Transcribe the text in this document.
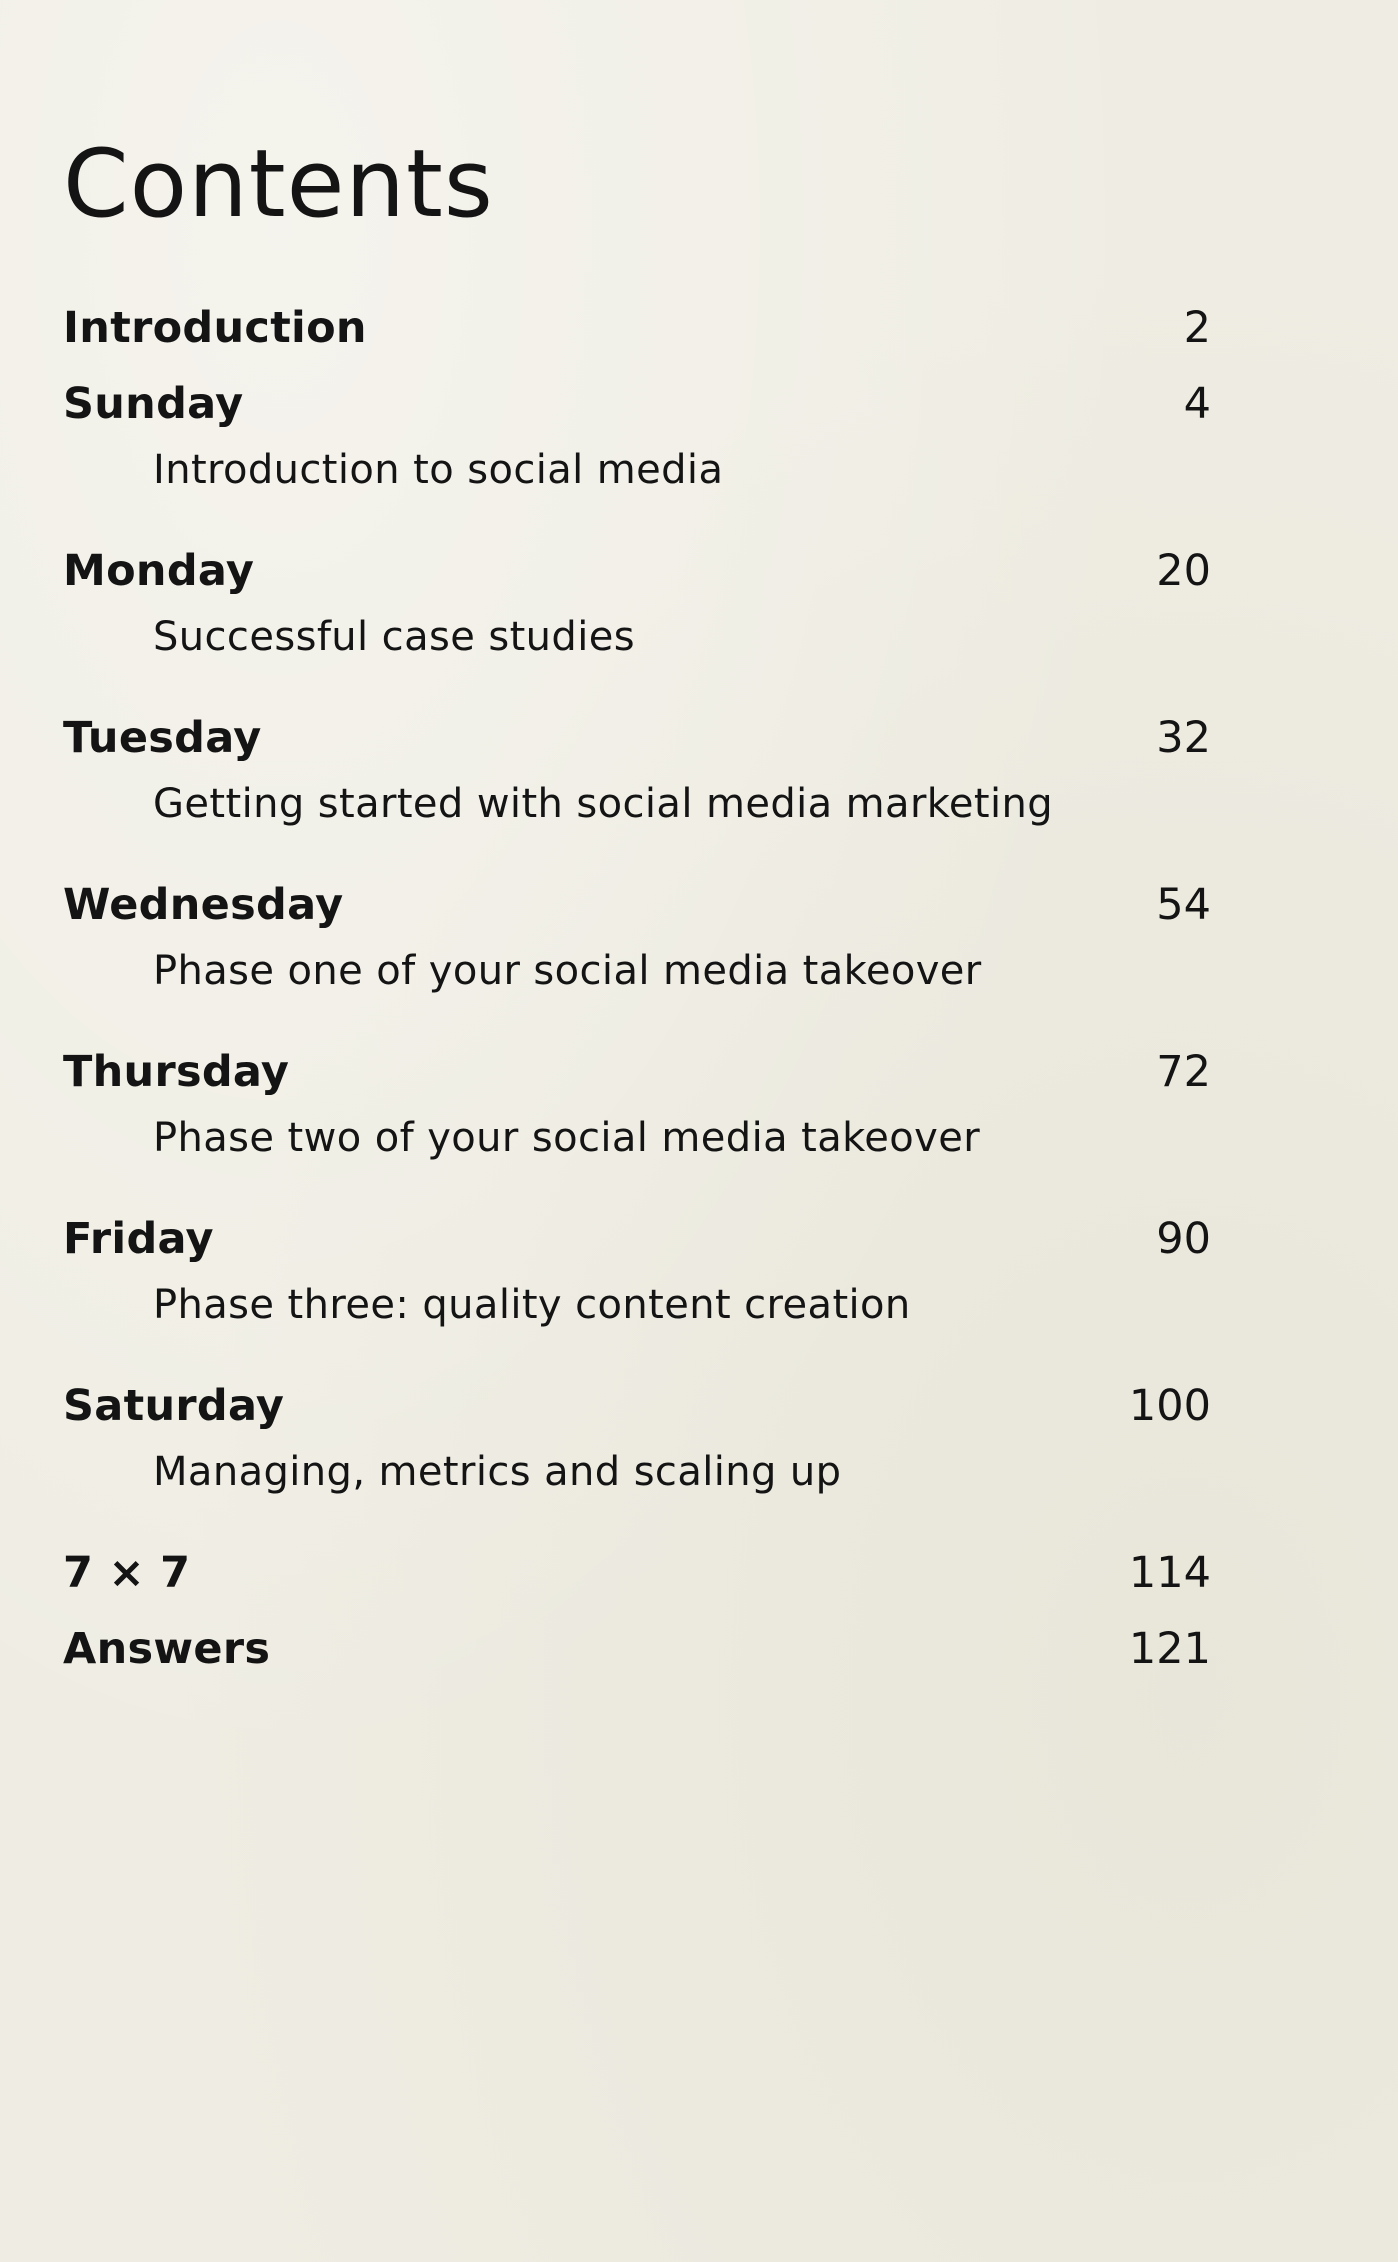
Contents
Introduction	2
Sunday	4
Introduction to social media
Monday	20
Successful case studies
Tuesday	32
Getting started with social media marketing
Wednesday	54
Phase one of your social media takeover
Thursday	72
Phase two of your social media takeover
Friday	90
Phase three: quality content creation
Saturday	100
Managing, metrics and scaling up
7 × 7	114
Answers	121
